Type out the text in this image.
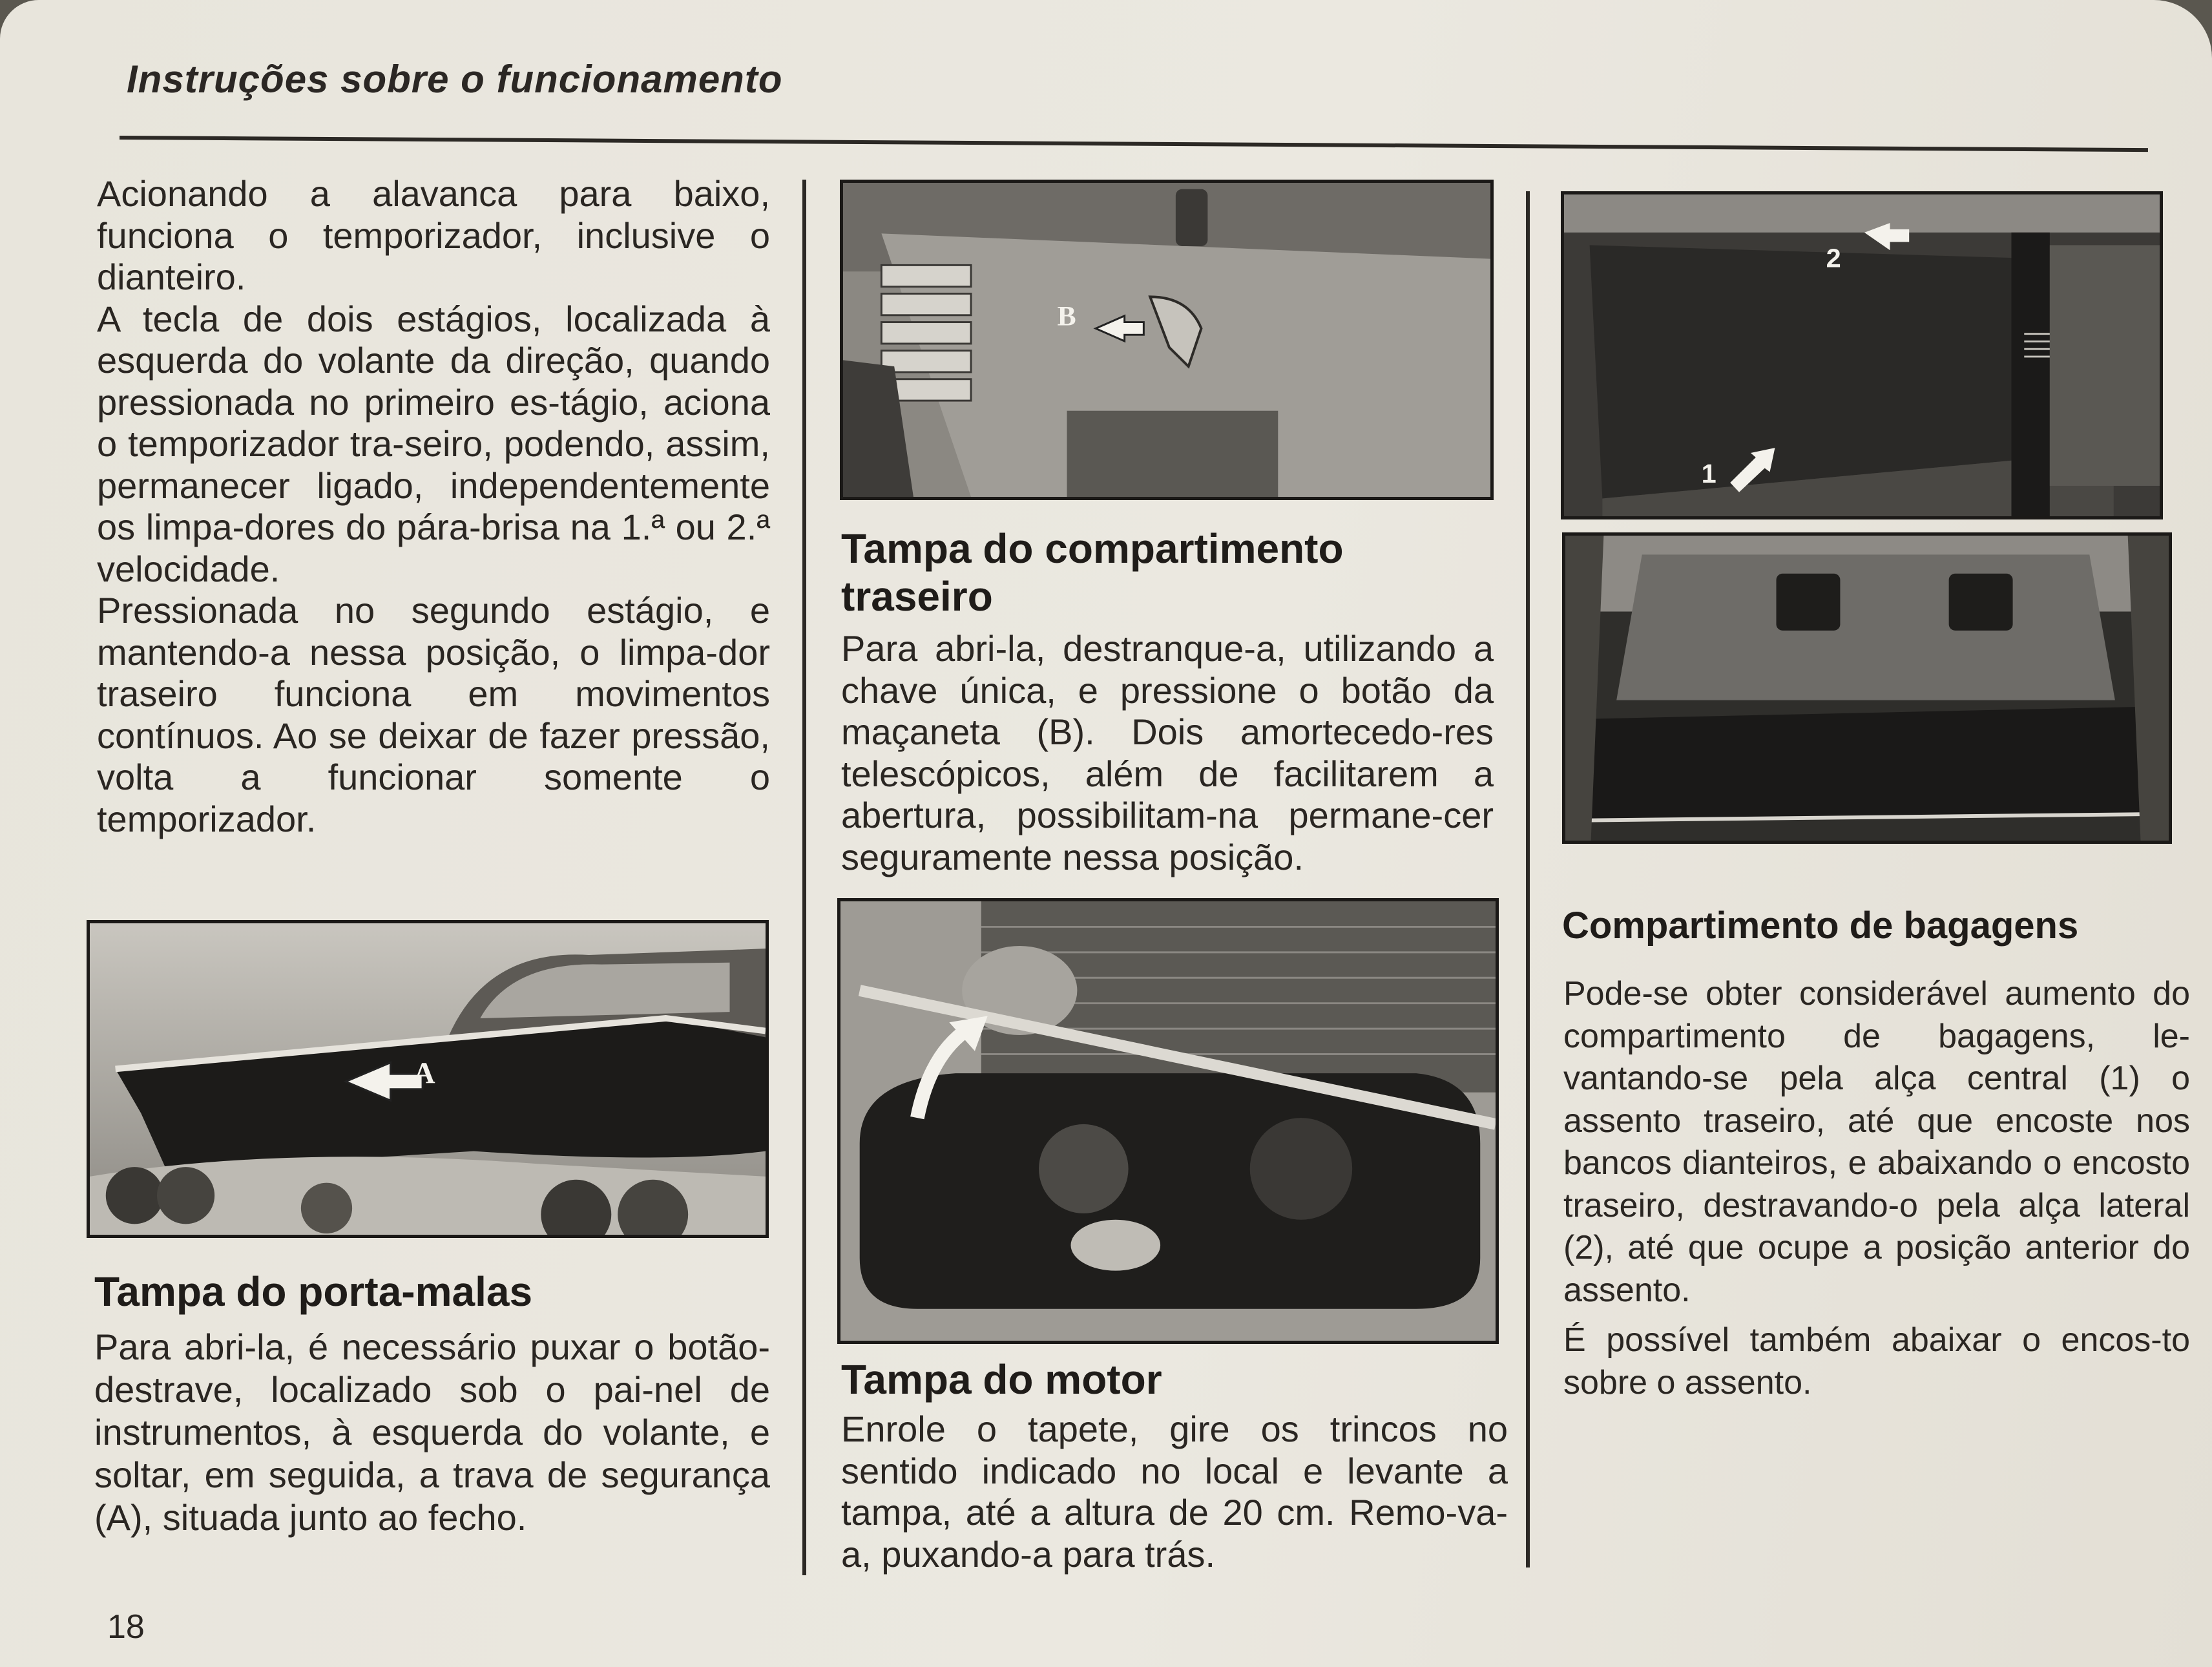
Instruções sobre o funcionamento

Acionando a alavanca para baixo, funciona o temporizador, inclusive o dianteiro.

A tecla de dois estágios, localizada à esquerda do volante da direção, quando pressionada no primeiro es-tágio, aciona o temporizador tra-seiro, podendo, assim, permanecer ligado, independentemente os limpa-dores do pára-brisa na 1.ª ou 2.ª velocidade.

Pressionada no segundo estágio, e mantendo-a nessa posição, o limpa-dor traseiro funciona em movimentos contínuos. Ao se deixar de fazer pressão, volta a funcionar somente o temporizador.

A
Tampa do porta-malas
Para abri-la, é necessário puxar o botão-destrave, localizado sob o pai-nel de instrumentos, à esquerda do volante, e soltar, em seguida, a trava de segurança (A), situada junto ao fecho.
B
Tampa do compartimento traseiro
Para abri-la, destranque-a, utilizando a chave única, e pressione o botão da maçaneta (B). Dois amortecedo-res telescópicos, além de facilitarem a abertura, possibilitam-na permane-cer seguramente nessa posição.
Tampa do motor
Enrole o tapete, gire os trincos no sentido indicado no local e levante a tampa, até a altura de 20 cm. Remo-va-a, puxando-a para trás.
2
1
Compartimento de bagagens

Pode-se obter considerável aumento do compartimento de bagagens, le-vantando-se pela alça central (1) o assento traseiro, até que encoste nos bancos dianteiros, e abaixando o encosto traseiro, destravando-o pela alça lateral (2), até que ocupe a posição anterior do assento.

É possível também abaixar o encos-to sobre o assento.

18
